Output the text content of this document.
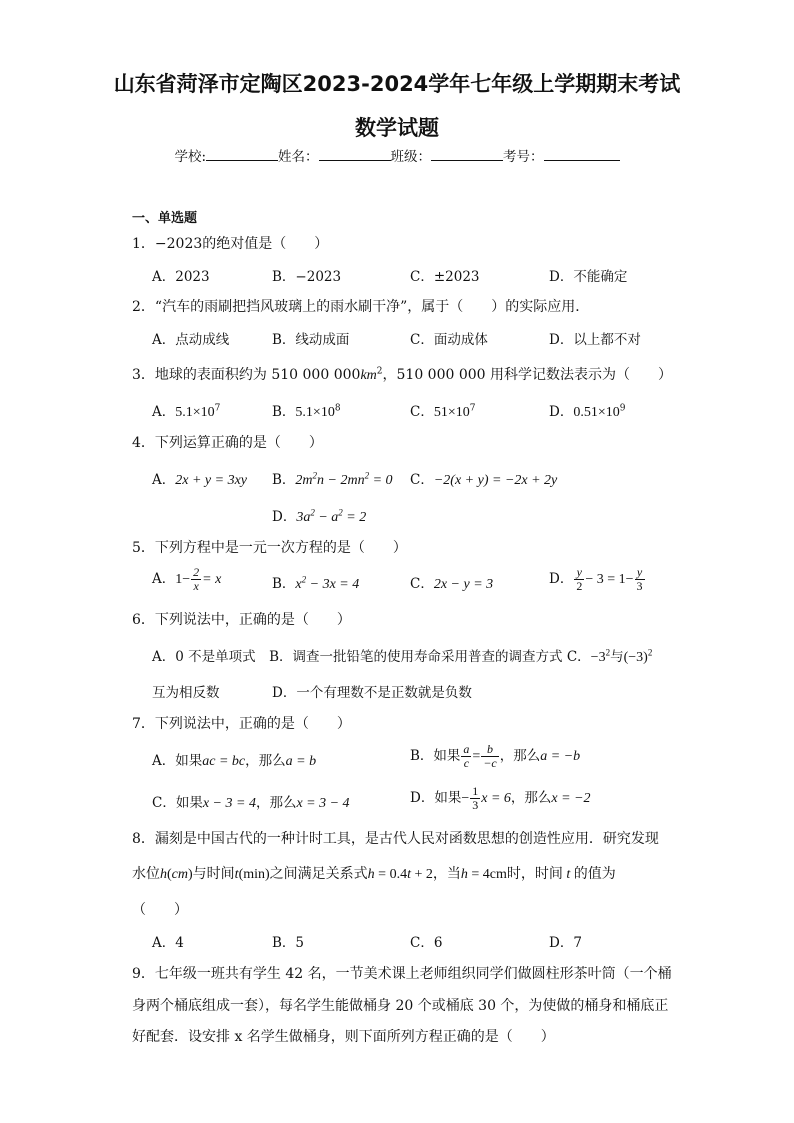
山东省菏泽市定陶区2023-2024学年七年级上学期期末考试
数学试题
学校:	姓名：	班级：	考号：
一、单选题
1．−2023的绝对值是（　　）
A．2023	B．−2023	C．±2023	D．不能确定
2．“汽车的雨刷把挡风玻璃上的雨水刷干净”，属于（　　）的实际应用．
A．点动成线	B．线动成面	C．面动成体	D．以上都不对
3．地球的表面积约为 510 000 $000km^2$，510 000 000 用科学记数法表示为（　　）
A．$5.1\times 10^7$	B．$5.1\times 10^8$	C．$51\times 10^7$	D．$0.51\times 10^9$
4．下列运算正确的是（　　）
A．2x + y = 3xy B．$2m^2n - 2mn^2 = 0$ C．−2(x + y) = −2x + 2y
D．$3a^2 - a^2 = 2$
5．下列方程中是一元一次方程的是（　　）
A．$1- \frac{2}{x} = x$	B．$x^2 - 3x = 4$	C．2x − y = 3	D． $\frac{y}{2} - 3 = 1- \frac{y}{3}$
6．下列说法中，正确的是（　　）
A．0 不是单项式　B．调查一批铅笔的使用寿命采用普查的调查方式 C．$-3^2$与$(-3)^2$
互为相反数	D．一个有理数不是正数就是负数
7．下列说法中，正确的是（　　）
A．如果ac = bc，那么a = b	B．如果 $\frac{a}{c} = \frac{b}{-c}$ ，那么a = −b
C．如果x − 3 = 4，那么x = 3 − 4	D．如果− $\frac{1}{3}$ x = 6，那么x = −2
8．漏刻是中国古代的一种计时工具，是古代人民对函数思想的创造性应用．研究发现
水位h(cm)与时间t(min)之间满足关系式h = 0.4t + 2，当h = 4cm时，时间 t 的值为
（　　）
A．4	B．5	C．6	D．7
9．七年级一班共有学生 42 名，一节美术课上老师组织同学们做圆柱形茶叶筒（一个桶
身两个桶底组成一套），每名学生能做桶身 20 个或桶底 30 个，为使做的桶身和桶底正
好配套．设安排 x 名学生做桶身，则下面所列方程正确的是（　　）
